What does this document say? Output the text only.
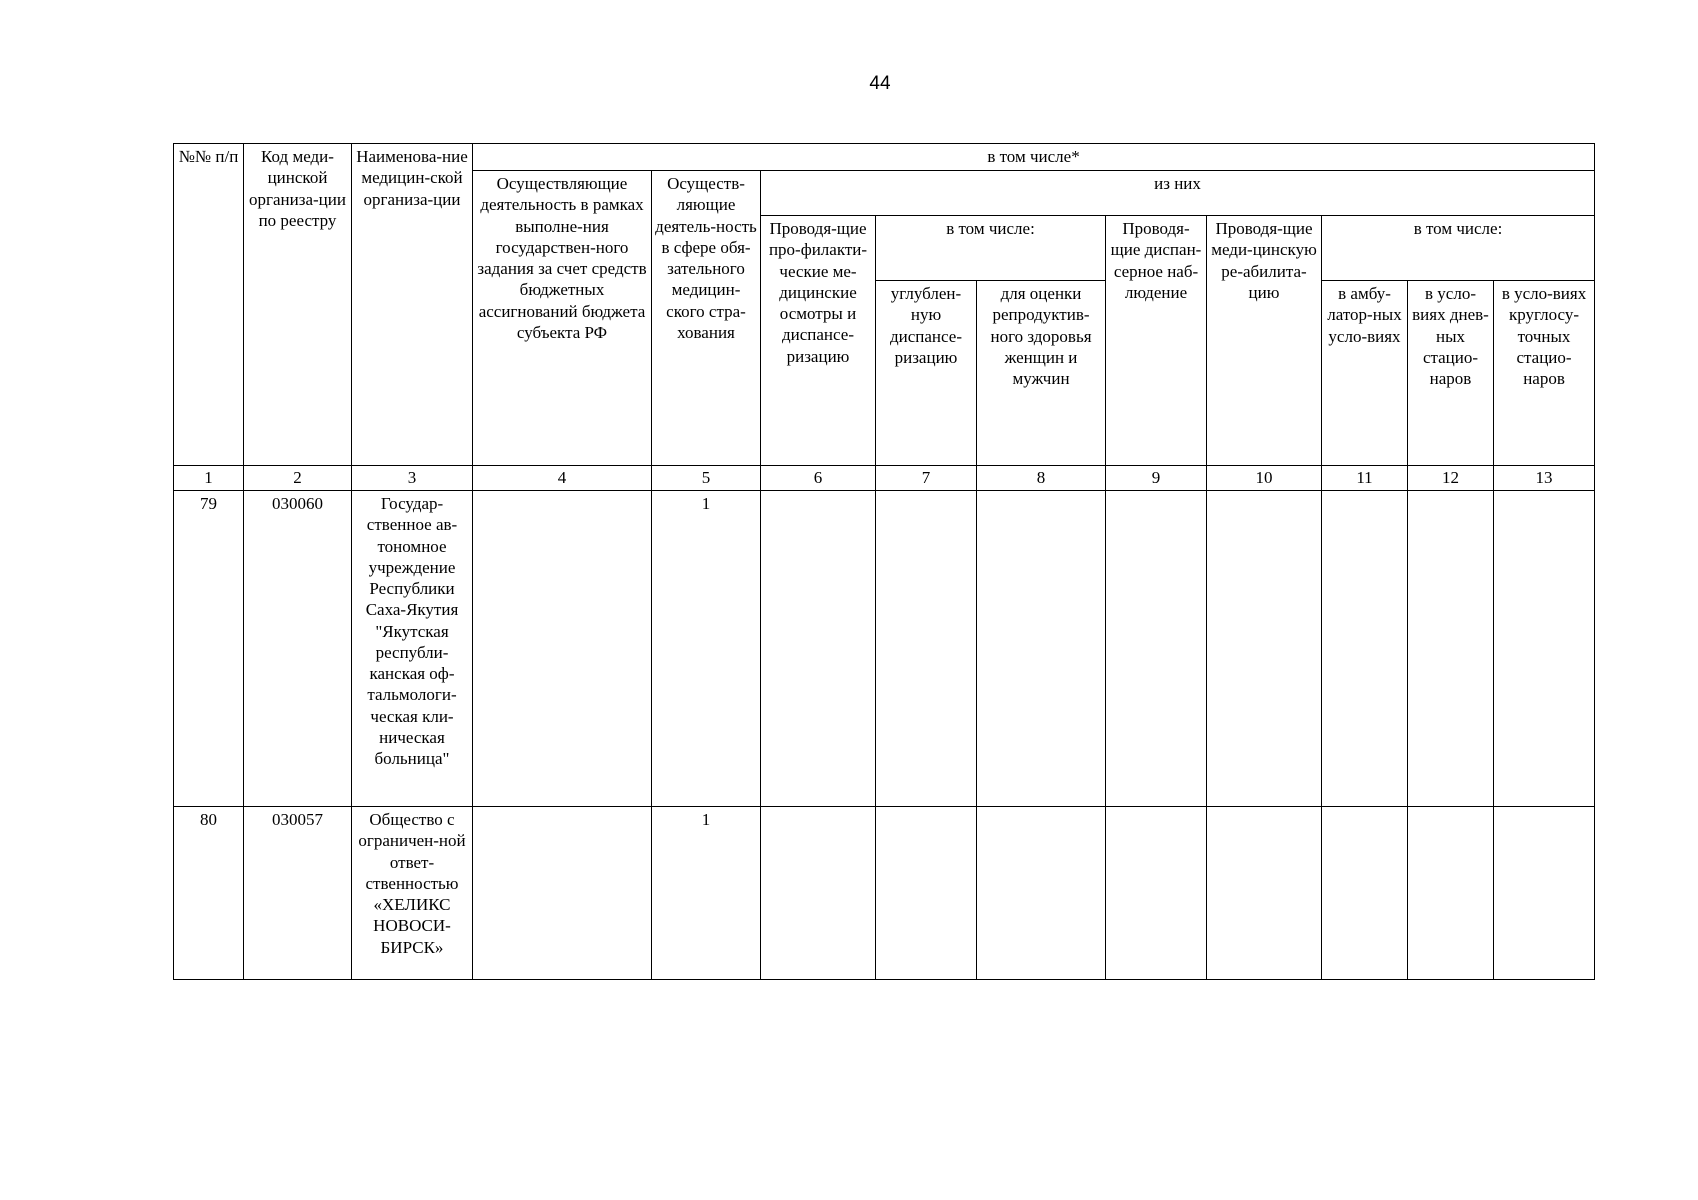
44
№№ п/п	Код меди-цинской организа-ции по реестру	Наименова-ние медицин-ской организа-ции	в том числе*									
			Осуществляющие деятельность в рамках выполне-ния государствен-ного задания за счет средств бюджетных ассигнований бюджета субъекта РФ	Осуществ-ляющие деятель-ность в сфере обя-зательного медицин-ского стра-хования	из них							
					Проводя-щие про-филакти-ческие ме-дицинские осмотры и диспансе-ризацию	в том числе:		Проводя-щие диспан-серное наб-людение	Проводя-щие меди-цинскую ре-абилита-цию	в том числе:		
						углублен-ную диспансе-ризацию	для оценки репродуктив-ного здоровья женщин и мужчин			в амбу-латор-ных усло-виях	в усло-виях днев-ных стацио-наров	в усло-виях круглосу-точных стацио-наров
1	2	3	4	5	6	7	8	9	10	11	12	13
79	030060	Государ-ственное ав-тономное учреждение Республики Саха-Якутия "Якутская республи-канская оф-тальмологи-ческая кли-ническая больница"		1								
80	030057	Общество с ограничен-ной ответ-ственностью «ХЕЛИКС НОВОСИ-БИРСК»		1								
